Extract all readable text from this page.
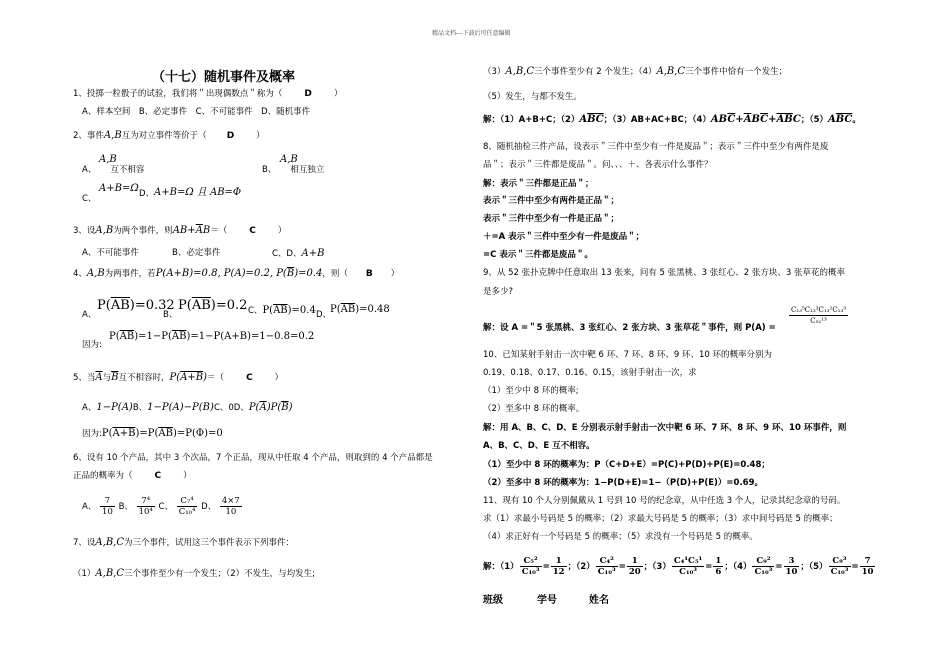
精品文档---下载后可任意编辑
（十七）随机事件及概率
1、投掷一粒骰子的试验，我们将＂出现偶数点＂称为（ D	）
A、样本空间　B、必定事件　C、不可能事件　D、随机事件
2、事件A,B互为对立事件等价于（ D	）
A,B
A、 互不相容
A,B
B、 相互独立
A+B=Ω
C、	D、 A+B=Ω 且 AB=Φ
3、设A,B为两个事件，则$AB+\overline{A}B=$（ C	）
A、不可能事件	B、必定事件	C、D、A+B
4、A,B为两事件，若P(A+B)=0.8, P(A)=0.2, $P(\overline{B})=0.4$，则（ B ）
A、
P(AB)=0.32
B、
P(AB)=0.2 C、$P(\overline{AB})=0.4$ D、
$P(\overline{AB})=0.48$
因为:
$P(\overline{A}\overline{B})=1-P(AB)=1-P(A+B)=1-0.8=0.2$
5、当$\overline{A}$与$\overline{B}$互不相容时，P(A+B)＝（ C	）
A、1−P(A)B、1−P(A)−P(B)C、0D、$P(\overline{A})P(\overline{B})$
因为$:P(A+B)=P(\overline{A}\overline{B})=P(\Phi)=0$
6、设有 10 个产品，其中 3 个次品，7 个正品，现从中任取 4 个产品，则取到的 4 个产品都是
正品的概率为（ C	）
A、 $\frac{7}{10}$ B、 $\frac{\text{7⁴}}{\text{10⁴}}$ C、 $\frac{\text{C₇⁴}}{\text{C₁₀⁴}}$ D、 $\frac{4\times 7}{10}$
7、设A,B,C为三个事件，试用这三个事件表示下列事件：
（1）A,B,C三个事件至少有一个发生；（2）不发生，与均发生;
（3）A,B,C三个事件至少有 2 个发生；（4）A,B,C三个事件中恰有一个发生；
（5）发生，与都不发生。
解：（1）A+B+C；$(2)A\overline{B}\overline{C}$；（3）AB+AC+BC；$(4)AB\overline{C}+\overline{A}B\overline{C}+\overline{AB}C$；$(5)A\overline{BC}$。
8、随机抽检三件产品，设表示＂三件中至少有一件是废品＂；表示＂三件中至少有两件是废
品＂；表示＂三件都是废品＂。问、、、＋、各表示什么事件？
解：表示＂三件都是正品＂；
表示＂三件中至少有两件是正品＂；
表示＂三件中至少有一件是正品＂；
＋=A 表示＂三件中至少有一件是废品＂；
=C 表示＂三件都是废品＂。
9、从 52 张扑克牌中任意取出 13 张来，问有 5 张黑桃、3 张红心、2 张方块、3 张草花的概率
是多少?
解：设 A =＂5 张黑桃、3 张红心、2 张方块、3 张草花＂事件，则 P(A) =
$\frac{\text{C₁₃⁵C₁₃³C₁₃²C₁₃³}}{\text{C₅₂¹³}}$
10、已知某射手射击一次中靶 6 环、7 环、8 环、9 环、10 环的概率分别为
0.19、0.18、0.17、0.16、0.15，该射手射击一次，求
（1）至少中 8 环的概率;
（2）至多中 8 环的概率。
解：用 A、B、C、D、E 分别表示射手射击一次中靶 6 环、7 环、8 环、9 环、10 环事件，则
A、B、C、D、E 互不相容。
（1）至少中 8 环的概率为：P（C+D+E）=P(C)+P(D)+P(E)=0.48；
（2）至多中 8 环的概率为：1−P(D+E)=1−（P(D)+P(E)）=0.69。
11、现有 10 个人分别佩戴从 1 号到 10 号的纪念章，从中任选 3 个人，记录其纪念章的号码。
求（1）求最小号码是 5 的概率；（2）求最大号码是 5 的概率；（3）求中间号码是 5 的概率；
（4）求正好有一个号码是 5 的概率；（5）求没有一个号码是 5 的概率。
解：$(1) \frac{\text{C₅²}}{\text{C₁₀³}} = \frac{1}{12}$ ；$(2) \frac{\text{C₄²}}{\text{C₁₀³}} = \frac{1}{20}$ ；$(3) \frac{\text{C₄¹C₅¹}}{\text{C₁₀³}} = \frac{1}{6}$ ；$(4) \frac{\text{C₉²}}{\text{C₁₀³}} = \frac{3}{10}$ ；$(5) \frac{\text{C₉³}}{\text{C₁₀³}} = \frac{7}{10}$
班级	学号	姓名
